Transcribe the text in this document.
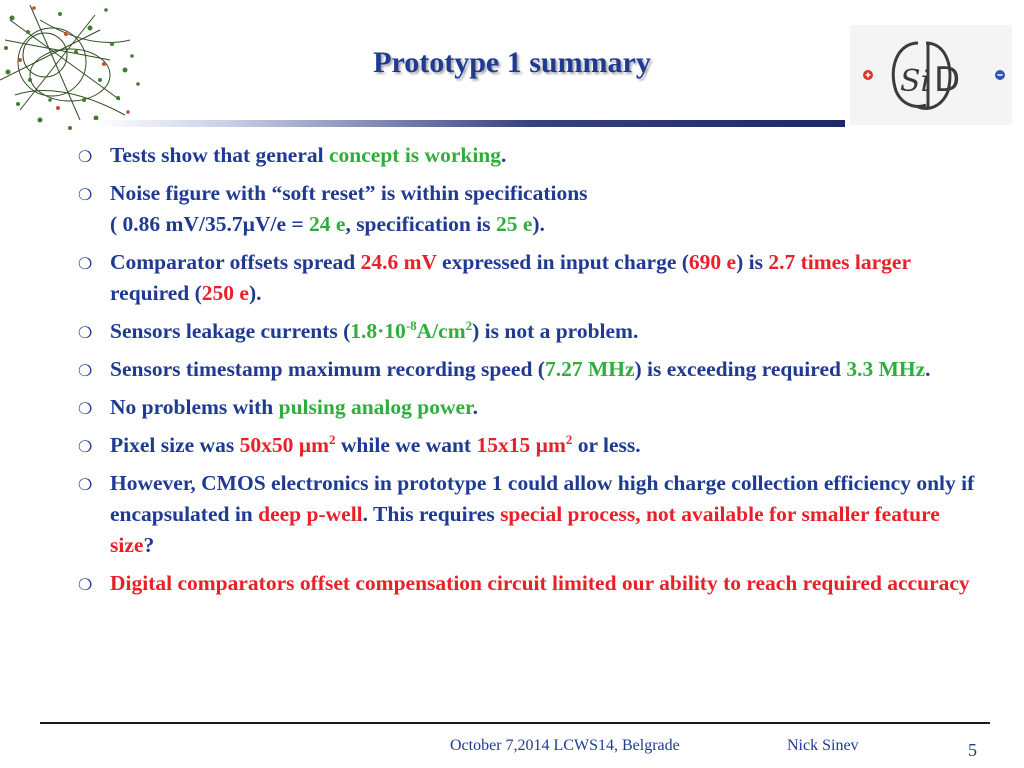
Si D
Prototype 1 summary
❍ Tests show that general concept is working.
❍ Noise figure with “soft reset” is within specifications
( 0.86 mV/35.7µV/e = 24 e, specification is 25 e).
❍ Comparator offsets spread 24.6 mV expressed in input charge (690 e) is 2.7 times larger required (250 e).
❍ Sensors leakage currents $(1.8\cdot 10^{-8}A/cm^2)$ is not a problem.
❍ Sensors timestamp maximum recording speed (7.27 MHz) is exceeding required 3.3 MHz.
❍ No problems with pulsing analog power.
❍ Pixel size was 50x50 µm$^2$ while we want 15x15 µm$^2$ or less.
❍ However, CMOS electronics in prototype 1 could allow high charge collection efficiency only if encapsulated in deep p-well. This requires special process, not available for smaller feature size?
❍ Digital comparators offset compensation circuit limited our ability to reach required accuracy
October 7,2014 LCWS14, Belgrade	Nick Sinev	5
